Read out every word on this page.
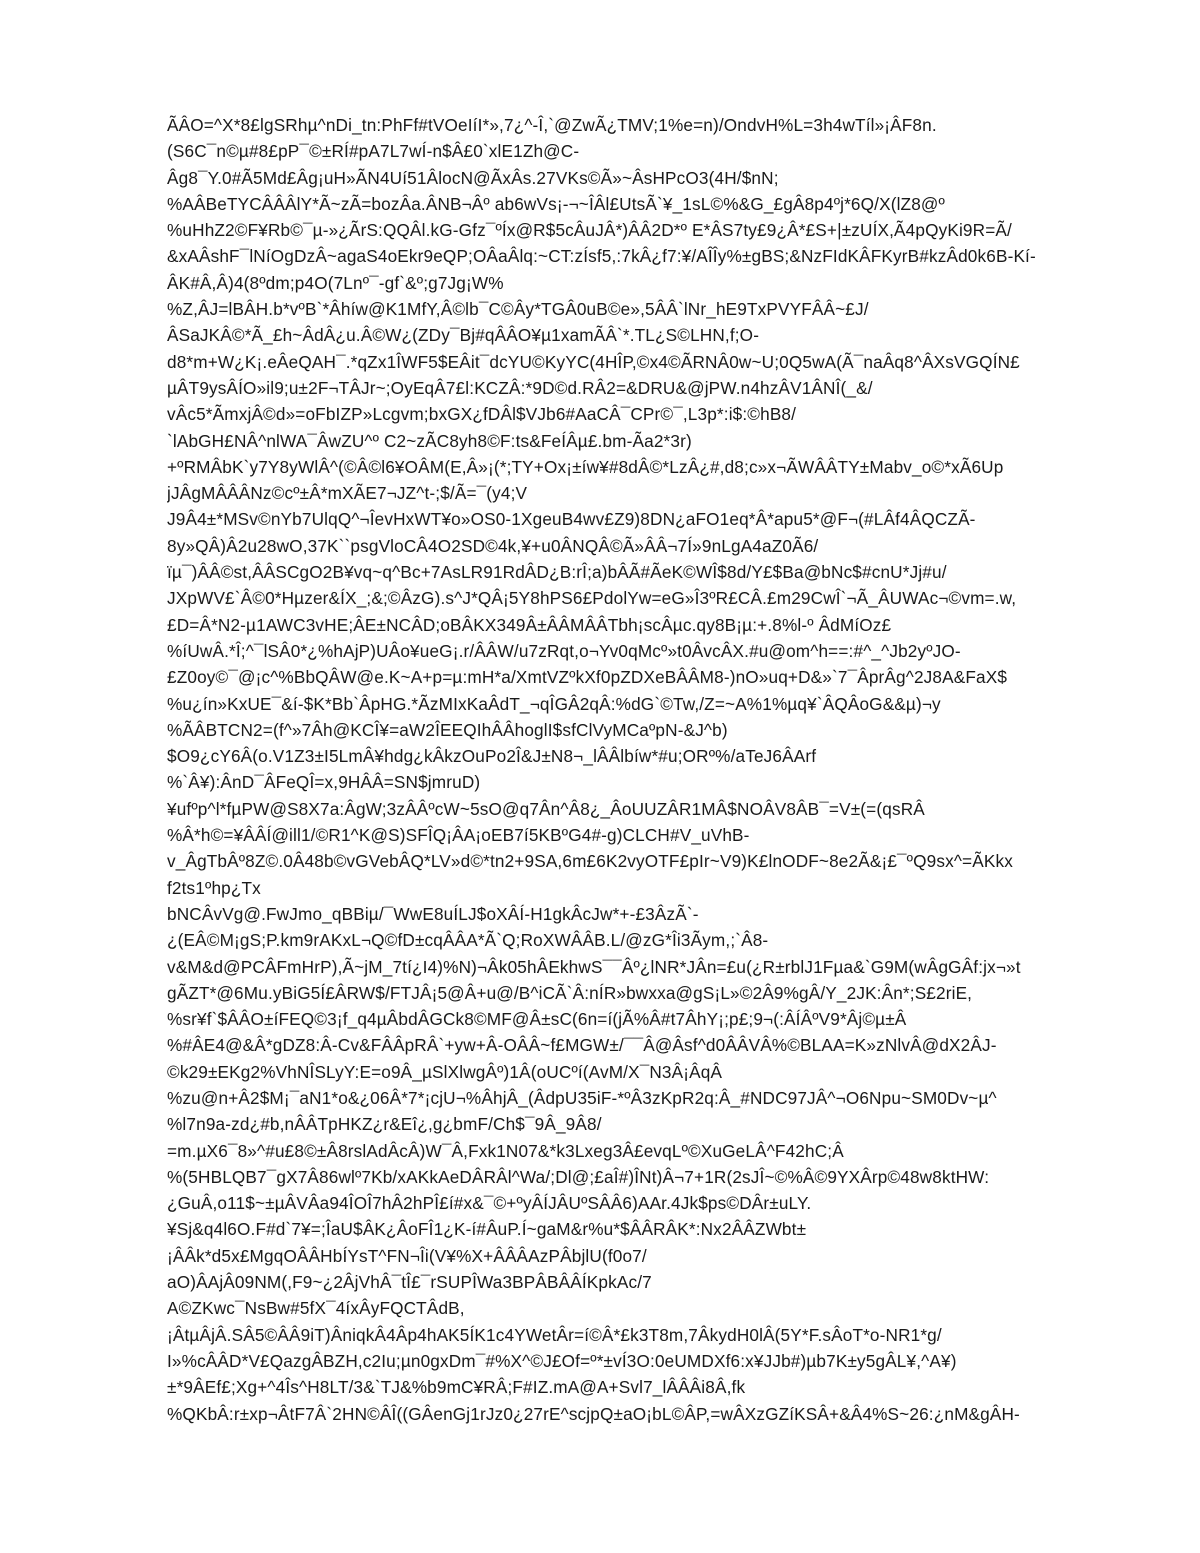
ÃÂO=^X*8£lgSRhµ^nDi_tn:PhFf#tVOeIíI*»,7¿^-Î,`@ZwÃ¿TMV;1%e=n)/OndvH%L=3h4wTíl»¡ÂF8n.
(S6C¯n©µ#8£pP¯©±RÍ#pA7L7wÍ-n$Â£0`xlE1Zh@C-
Âg8¯Y.0#Ã5Md£Âg¡uH»ÃN4Uí51ÂlocN@ÃxÂs.27VKs©Ã»~ÂsHPcO3(4H/$nN;
%AÂBeTYCÂÂÂlY*Ã~zÃ=bozÂa.ÂNB¬Âº ab6wVs¡-¬~ÎÂl£UtsÃ`¥_1sL©%&G_£gÂ8p4ºj*6Q/X(lZ8@º
%uHhZ2©F¥Rb©¯µ-»¿ÃrS:QQÂl.kG-Gfz¯ºÍx@R$5cÂuJÂ*)ÂÂ2D*º E*ÂS7ty£9¿Â*£S+|±zUÍX,Ã4pQyKi9R=Ã/
&xAÂshF¯lNíOgDzÂ~agaS4oEkr9eQP;OÂaÂlq:~CT:zÍsf5,:7kÂ¿f7:¥/AÎÎy%±gBS;&NzFIdKÂFKyrB#kzÂd0k6B-Kí-
ÂK#Â,Â)4(8ºdm;p4O(7Lnº¯-gf`&º;g7Jg¡W%
%Z,ÂJ=lBÂH.b*vºB`*Âhíw@K1MfY,Â©lb¯C©Ây*TGÂ0uB©e»,5ÂÂ`lNr_hE9TxPVYFÂÂ~£J/
ÂSaJKÂ©*Ã_£h~ÂdÂ¿u.Â©W¿(ZDy¯Bj#qÂÂO¥µ1xamÃÂ`*.TL¿S©LHN,f;O-
d8*m+W¿K¡.eÂeQAH¯.*qZx1ÎWF5$EÂit¯dcYU©KyYC(4HÎP,©x4©ÃRNÂ0w~U;0Q5wA(Ã¯naÂq8^ÂXsVGQÍN£
µÂT9ysÂÍO»il9;u±2F¬TÂJr~;OyEqÂ7£l:KCZÂ:*9D©d.RÂ2=&DRU&@jPW.n4hzÂV1ÂNÎ(_&/
vÂc5*ÃmxjÂ©d»=oFbIZP»Lcgvm;bxGX¿fDÂl$VJb6#AaCÂ¯CPr©¯,L3p*:i$:©hB8/
`lAbGH£NÂ^nlWA¯ÂwZU^º C2~zÃC8yh8©F:ts&FeÍÂµ£.bm-Ãa2*3r)
+ºRMÂbK`y7Y8yWlÂ^(©Â©l6¥OÂM(E,Â»¡(*;TY+Ox¡±íw¥#8dÂ©*LzÂ¿#,d8;c»x¬ÃWÂÂTY±Mabv_o©*xÃ6Up
jJÂgMÂÂÂNz©cº±Â*mXÃE7¬JZ^t-;$/Ã=¯(y4;V
J9Â4±*MSv©nYb7UlqQ^¬ÎevHxWT¥o»OS0-1XgeuB4wv£Z9)8DN¿aFO1eq*Â*apu5*@F¬(#LÂf4ÂQCZÃ-
8y»QÂ)Â2u28wO,37K``psgVloCÂ4O2SD©4k,¥+u0ÂNQÂ©Ã»ÂÂ¬7Í»9nLgA4aZ0Ã6/
ïµ¯)ÂÂ©st,ÂÂSCgO2B¥vq~q^Bc+7AsLR91RdÂD¿B:rÎ;a)bÂÃ#ÃeK©WÎ$8d/Y£$Ba@bNc$#cnU*Jj#u/
JXpWV£`Â©0*Hµzer&ÍX_;&;©ÂzG).s^J*QÂ¡5Y8hPS6£PdolYw=eG»Î3ºR£CÂ.£m29CwÎ`¬Ã_ÂUWAc¬©vm=.w,
£D=Â*N2-µ1AWC3vHE;ÂE±NCÂD;oBÂKX349Â±ÂÂMÂÂTbh¡scÂµc.qy8B¡µ:+.8%l-º ÂdMíOz£
%íUwÂ.*Î;^¯lSÂ0*¿%hAjP)UÂo¥ueG¡.r/ÂÂW/u7zRqt,o¬Yv0qMcº»t0ÂvcÂX.#u@om^h==:#^_^Jb2yºJO-
£Z0oy©¯@¡c^%BbQÂW@e.K~A+p=µ:mH*a/XmtVZºkXf0pZDXeBÂÂM8-)nO»uq+D&»`7¯ÂprÂg^2J8A&FaX$
%u¿ín»KxUE¯&í-$K*Bb`ÂpHG.*ÃzMIxKaÂdT_¬qÎGÂ2qÂ:%dG`©Tw,/Z=~A%1%µq¥`ÂQÂoG&&µ)¬y
%ÃÂBTCN2=(f^»7Âh@KCÎ¥=aW2ÎEEQIhÂÂhoglI$sfClVyMCaºpN-&J^b)
$O9¿cY6Â(o.V1Z3±I5LmÂ¥hdg¿kÂkzOuPo2Î&J±N8¬_lÂÂlbíw*#u;ORº%/aTeJ6ÂArf
%`Â¥):ÂnD¯ÂFeQÎ=x,9HÂÂ=SN$jmruD)
¥ufºp^l*fµPW@S8X7a:ÂgW;3zÂÂºcW~5sO@q7Ân^Â8¿_ÂoUUZÂR1MÂ$NOÂV8ÂB¯=V±(=(qsRÂ
%Â*h©=¥ÂÂÍ@ill1/©R1^K@S)SFÎQ¡ÂA¡oEB7í5KBºG4#-g)CLCH#V_uVhB-
v_ÂgTbÂº8Z©.0Â48b©vGVebÂQ*LV»d©*tn2+9SA,6m£6K2vyOTF£pIr~V9)K£lnODF~8e2Ã&¡£¯ºQ9sx^=ÃKkx
f2ts1ºhp¿Tx
bNCÂvVg@.FwJmo_qBBiµ/¯WwE8uÍLJ$oXÂÍ-H1gkÂcJw*+-£3ÂzÃ`-
¿(EÂ©M¡gS;P.km9rAKxL¬Q©fD±cqÂÂA*Ã`Q;RoXWÂÂB.L/@zG*Îi3Ãym,;`Â8-
v&M&d@PCÂFmHrP),Ã~jM_7tí¿I4)%N)¬Âk05hÂEkhwS¯¯Âº¿lNR*JÂn=£u(¿R±rblJ1Fµa&`G9M(wÂgGÂf:jx¬»t
gÃZT*@6Mu.yBiG5Í£ÂRW$/FTJÂ¡5@Â+u@/B^iCÃ`Â:nÍR»bwxxa@gS¡L»©2Â9%gÂ/Y_2JK:Ân*;S£2riE,
%sr¥f`$ÂÂO±íFEQ©3¡f_q4µÂbdÂGCk8©MF@Â±sC(6n=í(jÃ%Â#t7ÂhY¡;p£;9¬(:ÂÍÂºV9*Âj©µ±Â
%#ÂE4@&Â*gDZ8:Â-Cv&FÂÂpRÂ`+yw+Â-OÂÂ~f£MGW±/¯¯Â@Âsf^d0ÂÂVÂ%©BLAA=K»zNlvÂ@dX2ÂJ-
©k29±EKg2%VhNÎSLyY:E=o9Â_µSlXlwgÂº)1Â(oUCºí(AvM/X¯N3Â¡ÂqÂ
%zu@n+Â2$M¡¯aN1*o&¿06Â*7*¡cjU¬%ÂhjÂ_(ÂdpU35iF-*ºÂ3zKpR2q:Â_#NDC97JÂ^¬O6Npu~SM0Dv~µ^
%l7n9a-zd¿#b,nÂÂTpHKZ¿r&Eî¿,g¿bmF/Ch$¯9Â_9Â8/
=m.µX6¯8»^#u£8©±Â8rslAdÂcÂ)W¯Â,Fxk1N07&*k3Lxeg3Â£evqLº©XuGeLÂ^F42hC;Â
%(5HBLQB7¯gX7Â86wlº7Kb/xAKkAeDÂRÂl^Wa/;Dl@;£aÎ#)ÎNt)Â¬7+1R(2sJÎ~©%Â©9YXÂrp©48w8ktHW:
¿GuÂ,o11$~±µÂVÂa94ÎOÎ7hÂ2hPÎ£í#x&¯©+ºyÂÍJÂUºSÂÂ6)AAr.4Jk$ps©DÂr±uLY.
¥Sj&q4l6O.F#d`7¥=;ÎaU$ÂK¿ÂoFÎ1¿K-í#ÂuP.Í~gaM&r%u*$ÂÂRÂK*:Nx2ÂÂZWbt±
¡ÂÂk*d5x£MgqOÂÂHbÍYsT^FN¬Îi(V¥%X+ÂÂÂAzPÂbjlU(f0o7/
aO)ÂAjÂ09NM(,F9~¿2ÂjVhÂ¯tÎ£¯rSUPÎWa3BPÂBÂÂÍKpkAc/7
A©ZKwc¯NsBw#5fX¯4íxÂyFQCTÂdB,
¡ÂtµÂjÂ.SÂ5©ÂÂ9iT)ÂniqkÂ4Âp4hAK5ÍK1c4YWetÂr=í©Â*£k3T8m,7ÂkydH0lÂ(5Y*F.sÂoT*o-NR1*g/
I»%cÂÂD*V£QazgÂBZH,c2Iu;µn0gxDm¯#%X^©J£Of=º*±vÍ3O:0eUMDXf6:x¥JJb#)µb7K±y5gÂL¥,^A¥)
±*9ÂEf£;Xg+^4Îs^H8LT/3&`TJ&%b9mC¥RÂ;F#IZ.mA@A+Svl7_lÂÂÂi8Â,fk
%QKbÂ:r±xp¬ÂtF7Â`2HN©ÂÎ((GÂenGj1rJz0¿27rE^scjpQ±aO¡bL©ÂP,=wÂXzGZíKSÂ+&Â4%S~26:¿nM&gÂH-
